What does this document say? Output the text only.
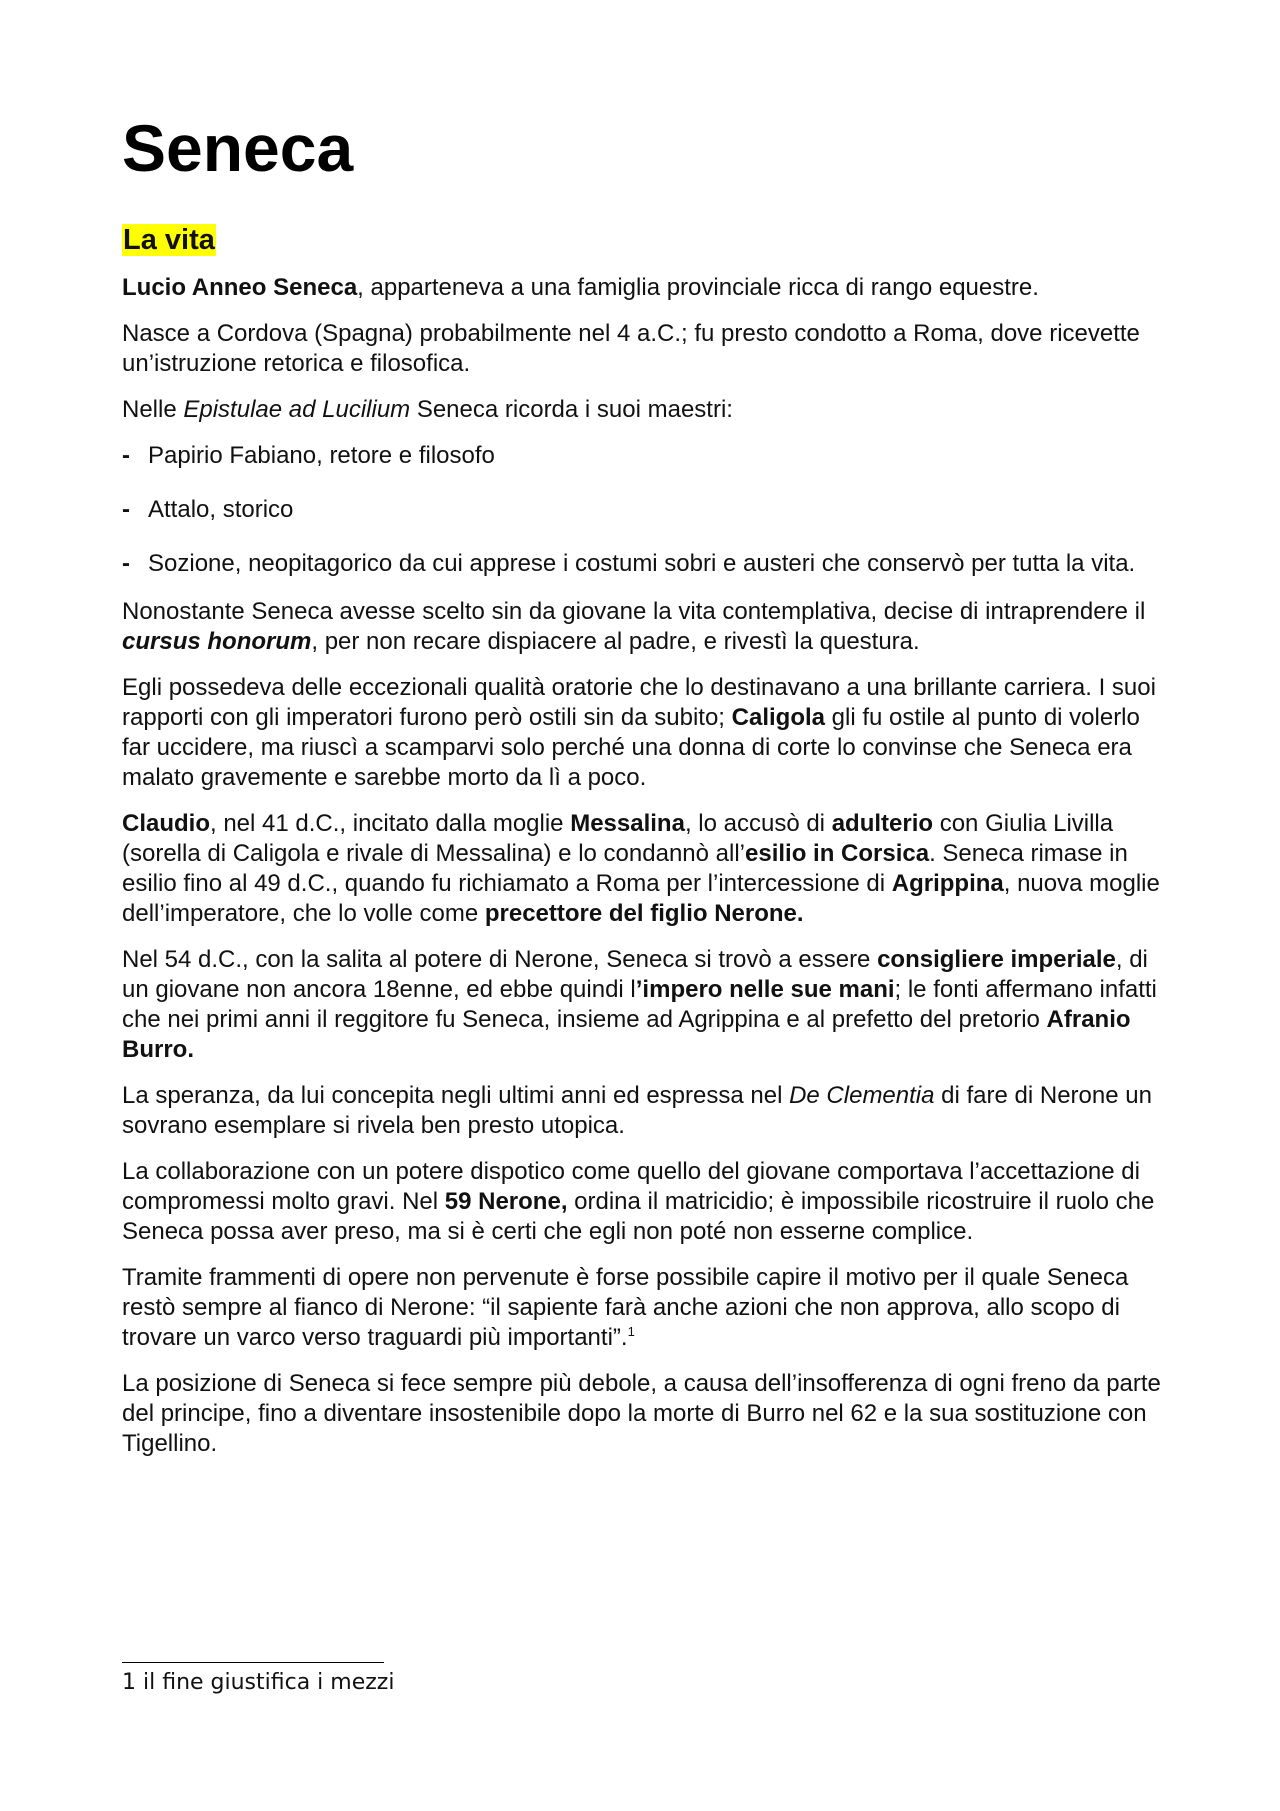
Seneca
La vita

Lucio Anneo Seneca, apparteneva a una famiglia provinciale ricca di rango equestre.

Nasce a Cordova (Spagna) probabilmente nel 4 a.C.; fu presto condotto a Roma, dove ricevette un’istruzione retorica e filosofica.

Nelle Epistulae ad Lucilium Seneca ricorda i suoi maestri:

- Papirio Fabiano, retore e filosofo
- Attalo, storico
- Sozione, neopitagorico da cui apprese i costumi sobri e austeri che conservò per tutta la vita.

Nonostante Seneca avesse scelto sin da giovane la vita contemplativa, decise di intraprendere il cursus honorum, per non recare dispiacere al padre, e rivestì la questura.

Egli possedeva delle eccezionali qualità oratorie che lo destinavano a una brillante carriera. I suoi rapporti con gli imperatori furono però ostili sin da subito; Caligola gli fu ostile al punto di volerlo far uccidere, ma riuscì a scamparvi solo perché una donna di corte lo convinse che Seneca era malato gravemente e sarebbe morto da lì a poco.

Claudio, nel 41 d.C., incitato dalla moglie Messalina, lo accusò di adulterio con Giulia Livilla (sorella di Caligola e rivale di Messalina) e lo condannò all’esilio in Corsica. Seneca rimase in esilio fino al 49 d.C., quando fu richiamato a Roma per l’intercessione di Agrippina, nuova moglie dell’imperatore, che lo volle come precettore del figlio Nerone.

Nel 54 d.C., con la salita al potere di Nerone, Seneca si trovò a essere consigliere imperiale, di un giovane non ancora 18enne, ed ebbe quindi l’impero nelle sue mani; le fonti affermano infatti che nei primi anni il reggitore fu Seneca, insieme ad Agrippina e al prefetto del pretorio Afranio Burro.

La speranza, da lui concepita negli ultimi anni ed espressa nel De Clementia di fare di Nerone un sovrano esemplare si rivela ben presto utopica.

La collaborazione con un potere dispotico come quello del giovane comportava l’accettazione di compromessi molto gravi. Nel 59 Nerone, ordina il matricidio; è impossibile ricostruire il ruolo che Seneca possa aver preso, ma si è certi che egli non poté non esserne complice.

Tramite frammenti di opere non pervenute è forse possibile capire il motivo per il quale Seneca restò sempre al fianco di Nerone: “il sapiente farà anche azioni che non approva, allo scopo di trovare un varco verso traguardi più importanti”.$^1$

La posizione di Seneca si fece sempre più debole, a causa dell’insofferenza di ogni freno da parte del principe, fino a diventare insostenibile dopo la morte di Burro nel 62 e la sua sostituzione con Tigellino.

1 il fine giustifica i mezzi
